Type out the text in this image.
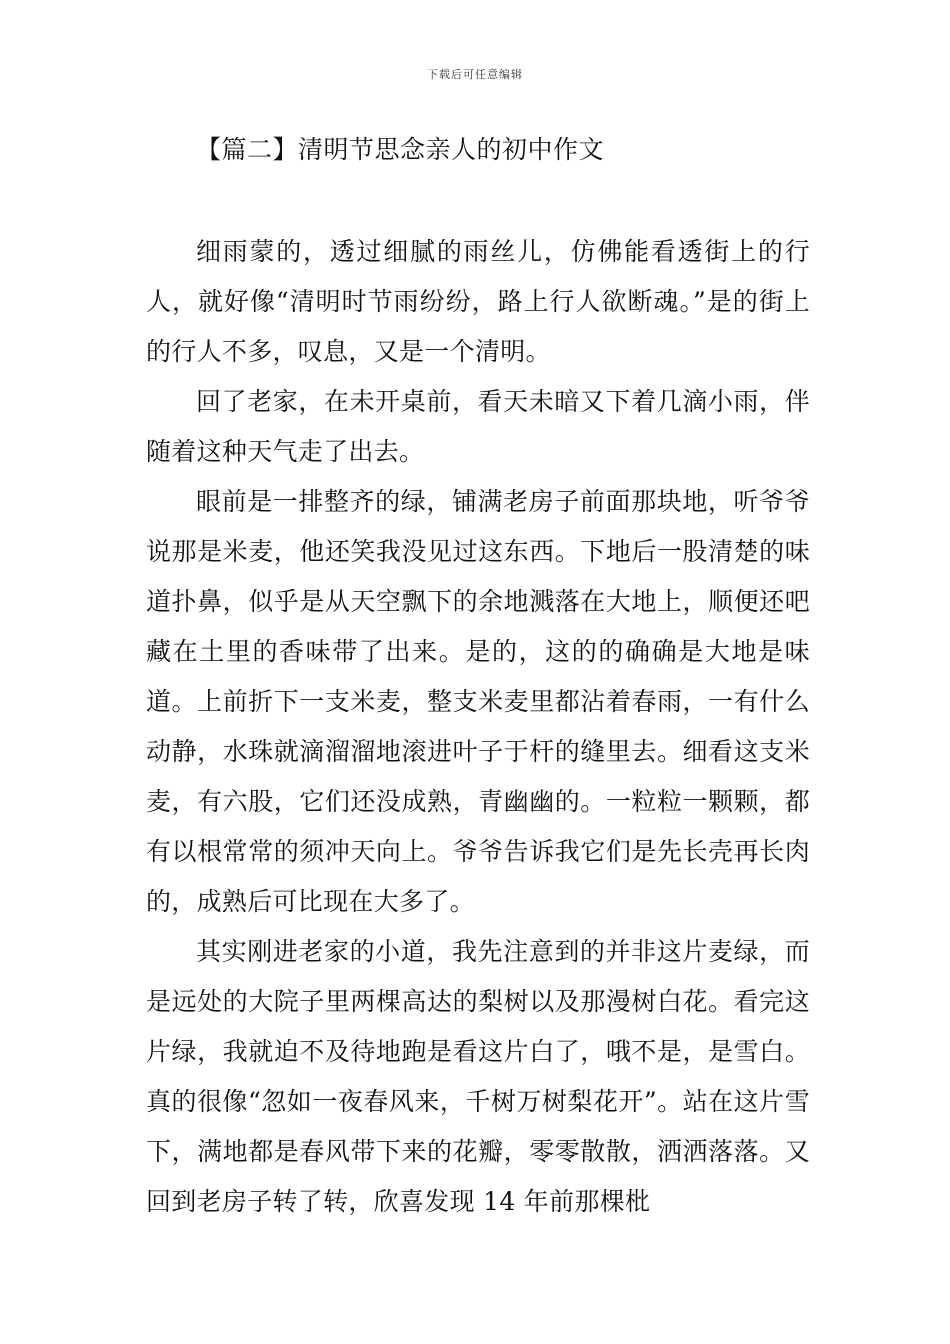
下载后可任意编辑
【篇二】清明节思念亲人的初中作文

细雨蒙的，透过细腻的雨丝儿，仿佛能看透街上的行人，就好像“清明时节雨纷纷，路上行人欲断魂。”是的街上的行人不多，叹息，又是一个清明。

回了老家，在未开桌前，看天未暗又下着几滴小雨，伴随着这种天气走了出去。

眼前是一排整齐的绿，铺满老房子前面那块地，听爷爷说那是米麦，他还笑我没见过这东西。下地后一股清楚的味道扑鼻，似乎是从天空飘下的余地溅落在大地上，顺便还吧藏在土里的香味带了出来。是的，这的的确确是大地是味道。上前折下一支米麦，整支米麦里都沾着春雨，一有什么动静，水珠就滴溜溜地滚进叶子于杆的缝里去。细看这支米麦，有六股，它们还没成熟，青幽幽的。一粒粒一颗颗，都有以根常常的须冲天向上。爷爷告诉我它们是先长壳再长肉的，成熟后可比现在大多了。

其实刚进老家的小道，我先注意到的并非这片麦绿，而是远处的大院子里两棵高达的梨树以及那漫树白花。看完这片绿，我就迫不及待地跑是看这片白了，哦不是，是雪白。真的很像“忽如一夜春风来，千树万树梨花开”。站在这片雪下，满地都是春风带下来的花瓣，零零散散，洒洒落落。又回到老房子转了转，欣喜发现 14 年前那棵枇
